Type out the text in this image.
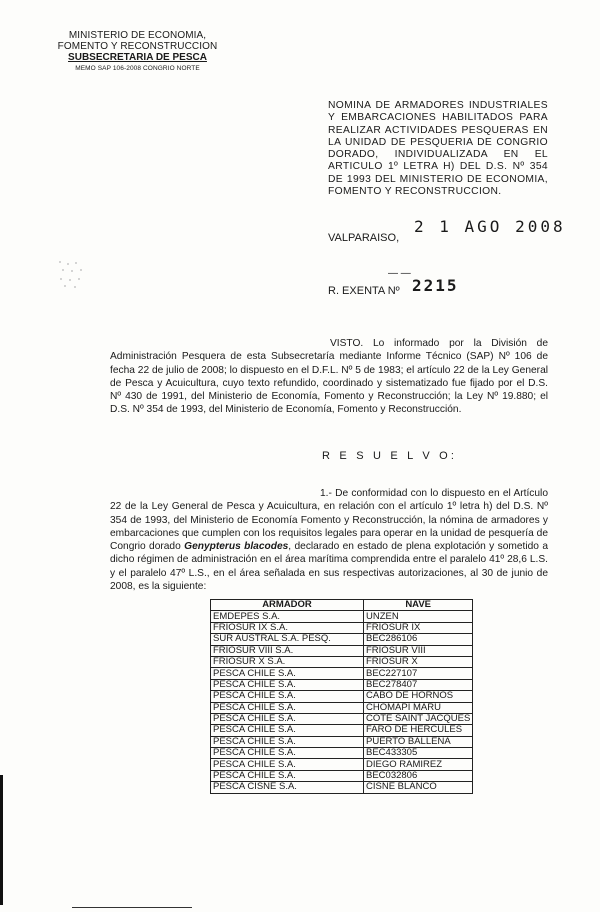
MINISTERIO DE ECONOMIA,
FOMENTO Y RECONSTRUCCION
SUBSECRETARIA DE PESCA
MEMO SAP 106-2008 CONGRIO NORTE
NOMINA DE ARMADORES INDUSTRIALES Y EMBARCACIONES HABILITADOS PARA REALIZAR ACTIVIDADES PESQUERAS EN LA UNIDAD DE PESQUERIA DE CONGRIO DORADO, INDIVIDUALIZADA EN EL ARTICULO 1º LETRA H) DEL D.S. Nº 354 DE 1993 DEL MINISTERIO DE ECONOMIA, FOMENTO Y RECONSTRUCCION.
2 1 AGO 2008
VALPARAISO,
— —
R. EXENTA Nº 2215
VISTO. Lo informado por la División de Administración Pesquera de esta Subsecretaría mediante Informe Técnico (SAP) Nº 106 de fecha 22 de julio de 2008; lo dispuesto en el D.F.L. Nº 5 de 1983; el artículo 22 de la Ley General de Pesca y Acuicultura, cuyo texto refundido, coordinado y sistematizado fue fijado por el D.S. Nº 430 de 1991, del Ministerio de Economía, Fomento y Reconstrucción; la Ley Nº 19.880; el D.S. Nº 354 de 1993, del Ministerio de Economía, Fomento y Reconstrucción.
R E S U E L V O:
1.- De conformidad con lo dispuesto en el Artículo 22 de la Ley General de Pesca y Acuicultura, en relación con el artículo 1º letra h) del D.S. Nº 354 de 1993, del Ministerio de Economía Fomento y Reconstrucción, la nómina de armadores y embarcaciones que cumplen con los requisitos legales para operar en la unidad de pesquería de Congrio dorado Genypterus blacodes, declarado en estado de plena explotación y sometido a dicho régimen de administración en el área marítima comprendida entre el paralelo 41º 28,6 L.S. y el paralelo 47º L.S., en el área señalada en sus respectivas autorizaciones, al 30 de junio de 2008, es la siguiente:
ARMADOR	NAVE
EMDEPES S.A.	UNZEN
FRIOSUR IX S.A.	FRIOSUR IX
SUR AUSTRAL S.A. PESQ.	BEC286106
FRIOSUR VIII S.A.	FRIOSUR VIII
FRIOSUR X S.A.	FRIOSUR X
PESCA CHILE S.A.	BEC227107
PESCA CHILE S.A.	BEC278407
PESCA CHILE S.A.	CABO DE HORNOS
PESCA CHILE S.A.	CHOMAPI MARU
PESCA CHILE S.A.	COTE SAINT JACQUES
PESCA CHILE S.A.	FARO DE HERCULES
PESCA CHILE S.A.	PUERTO BALLENA
PESCA CHILE S.A.	BEC433305
PESCA CHILE S.A.	DIEGO RAMIREZ
PESCA CHILE S.A.	BEC032806
PESCA CISNE S.A.	CISNE BLANCO
